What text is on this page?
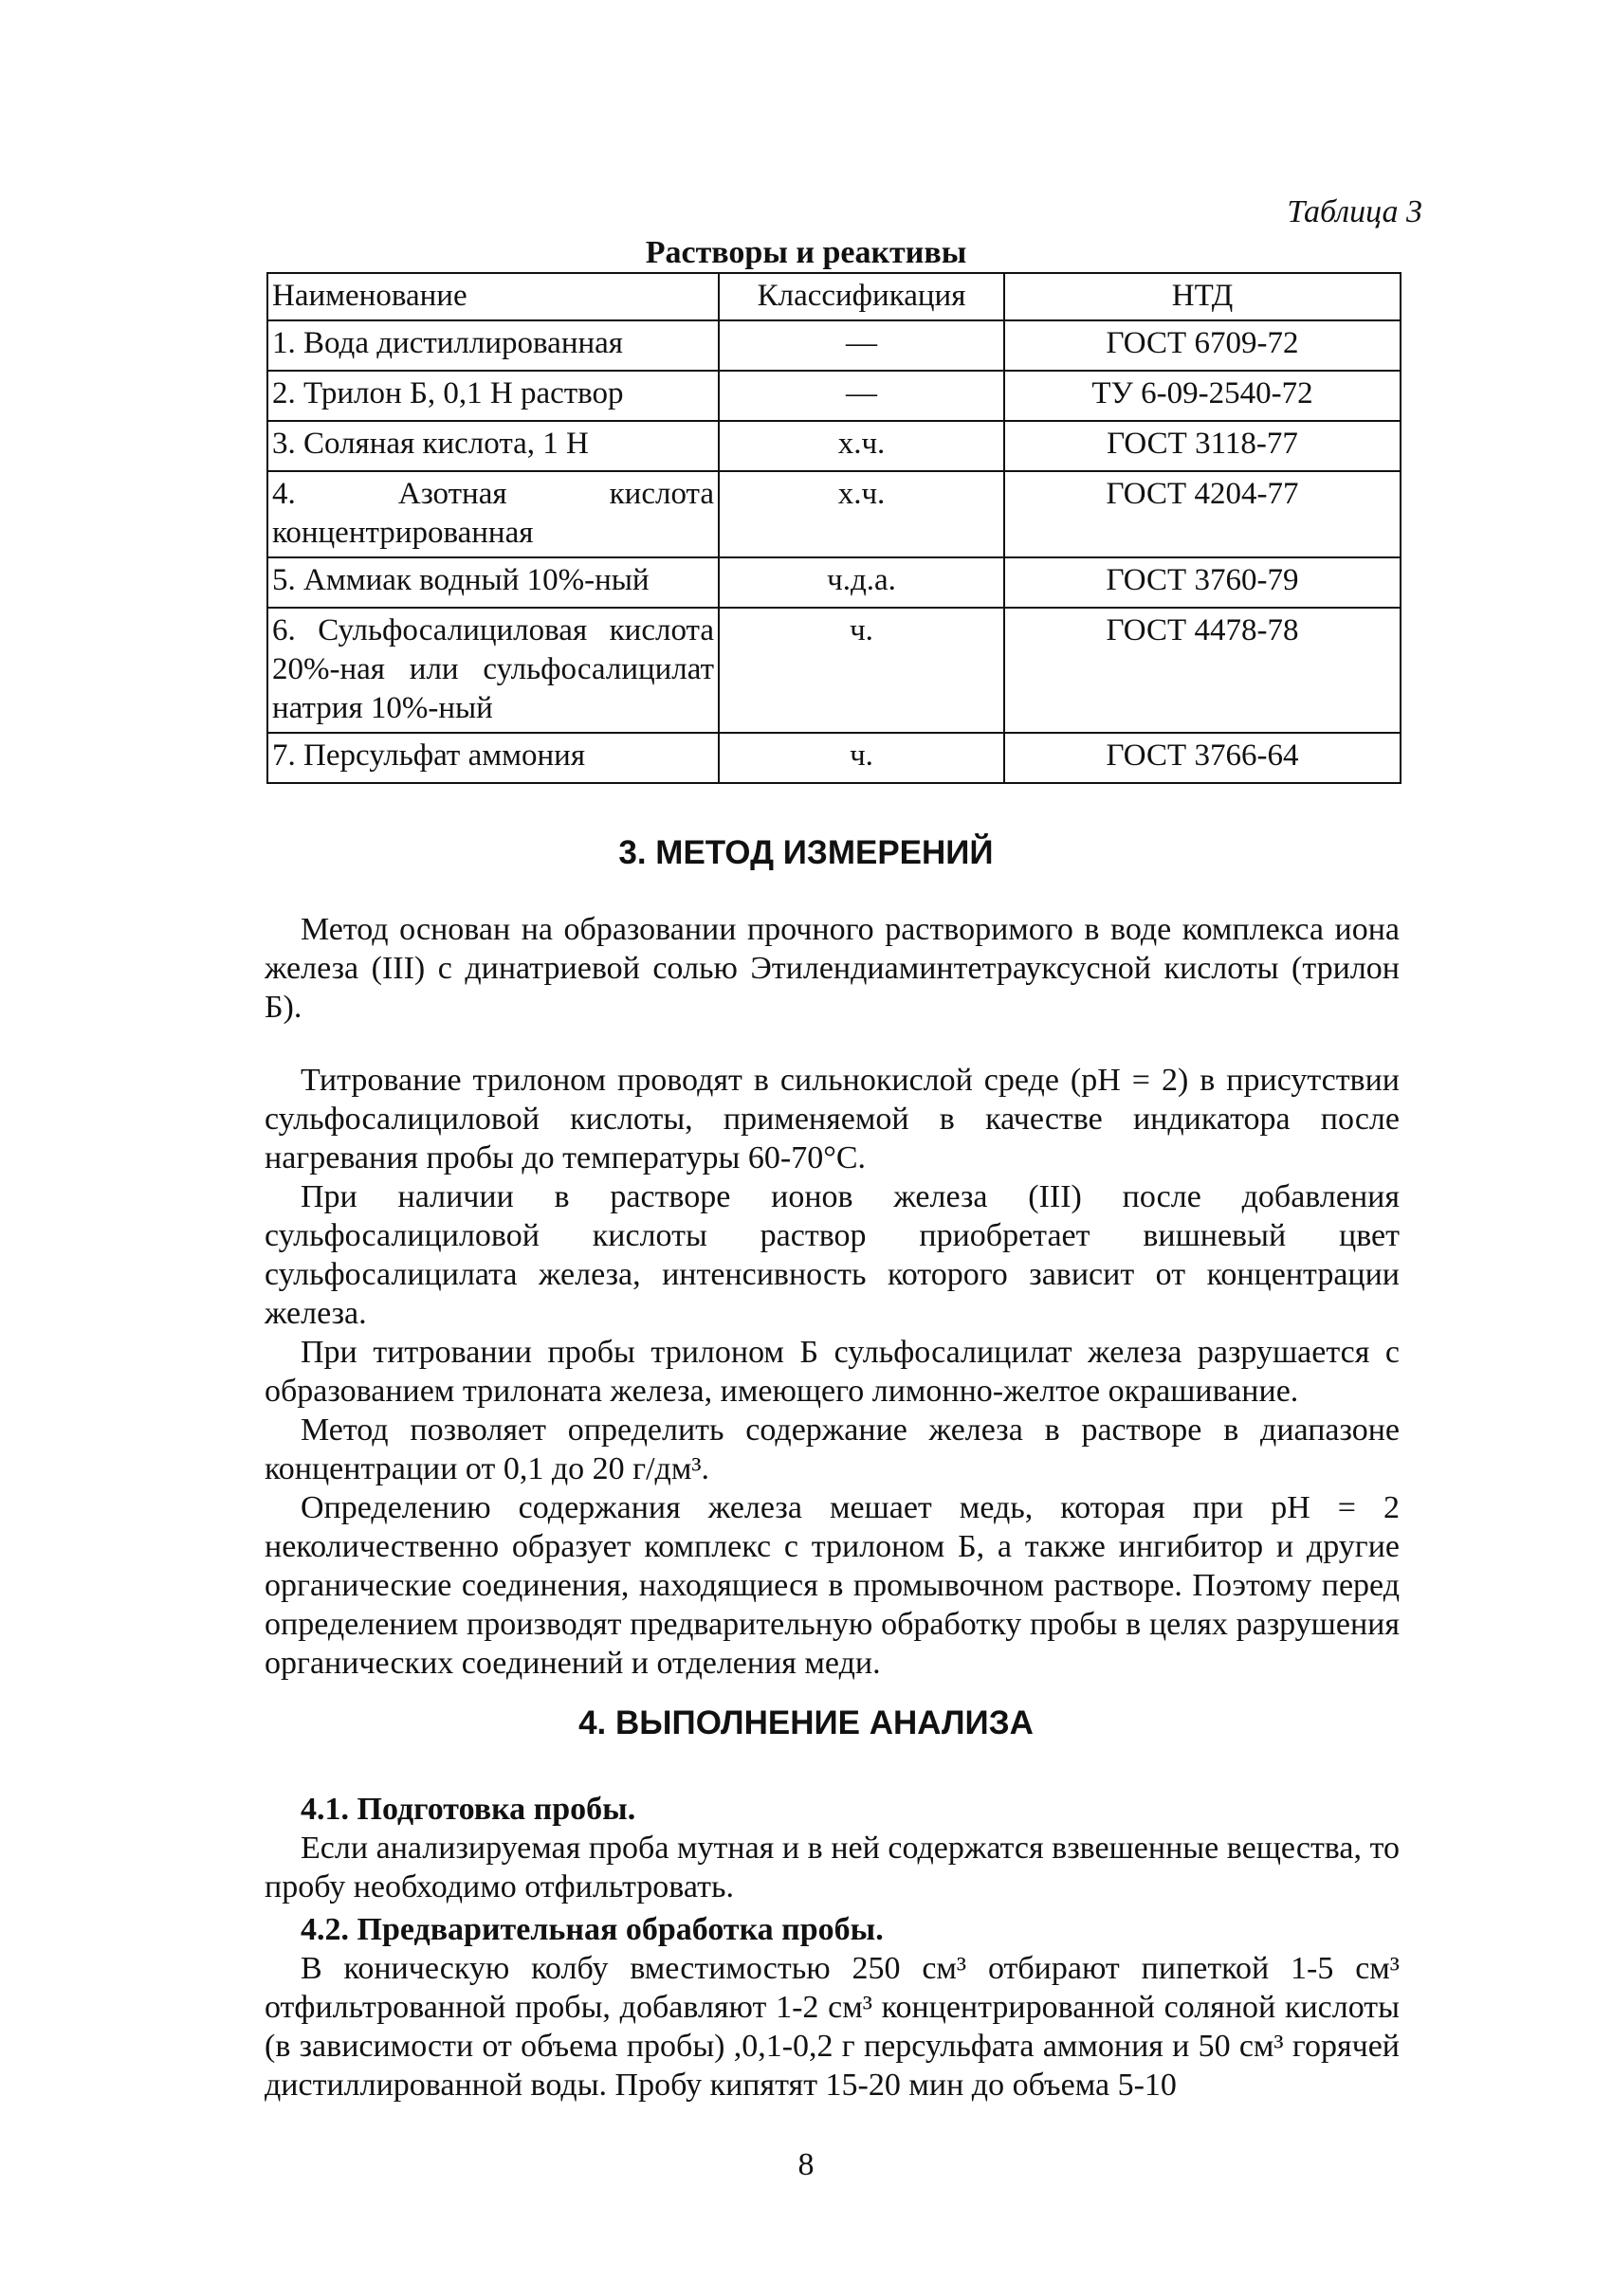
Таблица 3
Растворы и реактивы
Наименование	Классификация	НТД
1. Вода дистиллированная	—	ГОСТ 6709-72
2. Трилон Б, 0,1 Н раствор	—	ТУ 6-09-2540-72
3. Соляная кислота, 1 Н	х.ч.	ГОСТ 3118-77
4. Азотная кислота концентрированная	х.ч.	ГОСТ 4204-77
5. Аммиак водный 10%-ный	ч.д.а.	ГОСТ 3760-79
6. Сульфосалициловая кислота 20%-ная или сульфосалицилат натрия 10%-ный	ч.	ГОСТ 4478-78
7. Персульфат аммония	ч.	ГОСТ 3766-64
3. МЕТОД ИЗМЕРЕНИЙ

Метод основан на образовании прочного растворимого в воде комплекса иона железа (III) с динатриевой солью Этилендиаминтетрауксусной кислоты (трилон Б).

Титрование трилоном проводят в сильнокислой среде (pH = 2) в присутствии сульфосалициловой кислоты, применяемой в качестве индикатора после нагревания пробы до температуры 60-70°С.

При наличии в растворе ионов железа (III) после добавления сульфосалициловой кислоты раствор приобретает вишневый цвет сульфосалицилата железа, интенсивность которого зависит от концентрации железа.

При титровании пробы трилоном Б сульфосалицилат железа разрушается с образованием трилоната железа, имеющего лимонно-желтое окрашивание.

Метод позволяет определить содержание железа в растворе в диапазоне концентрации от 0,1 до 20 г/дм³.

Определению содержания железа мешает медь, которая при pH = 2 неколичественно образует комплекс с трилоном Б, а также ингибитор и другие органические соединения, находящиеся в промывочном растворе. Поэтому перед определением производят предварительную обработку пробы в целях разрушения органических соединений и отделения меди.

4. ВЫПОЛНЕНИЕ АНАЛИЗА

4.1. Подготовка пробы.

Если анализируемая проба мутная и в ней содержатся взвешенные вещества, то пробу необходимо отфильтровать.

4.2. Предварительная обработка пробы.

В коническую колбу вместимостью 250 см³ отбирают пипеткой 1-5 см³ отфильтрованной пробы, добавляют 1-2 см³ концентрированной соляной кислоты (в зависимости от объема пробы) ,0,1-0,2 г персульфата аммония и 50 см³ горячей дистиллированной воды. Пробу кипятят 15-20 мин до объема 5-10

8
